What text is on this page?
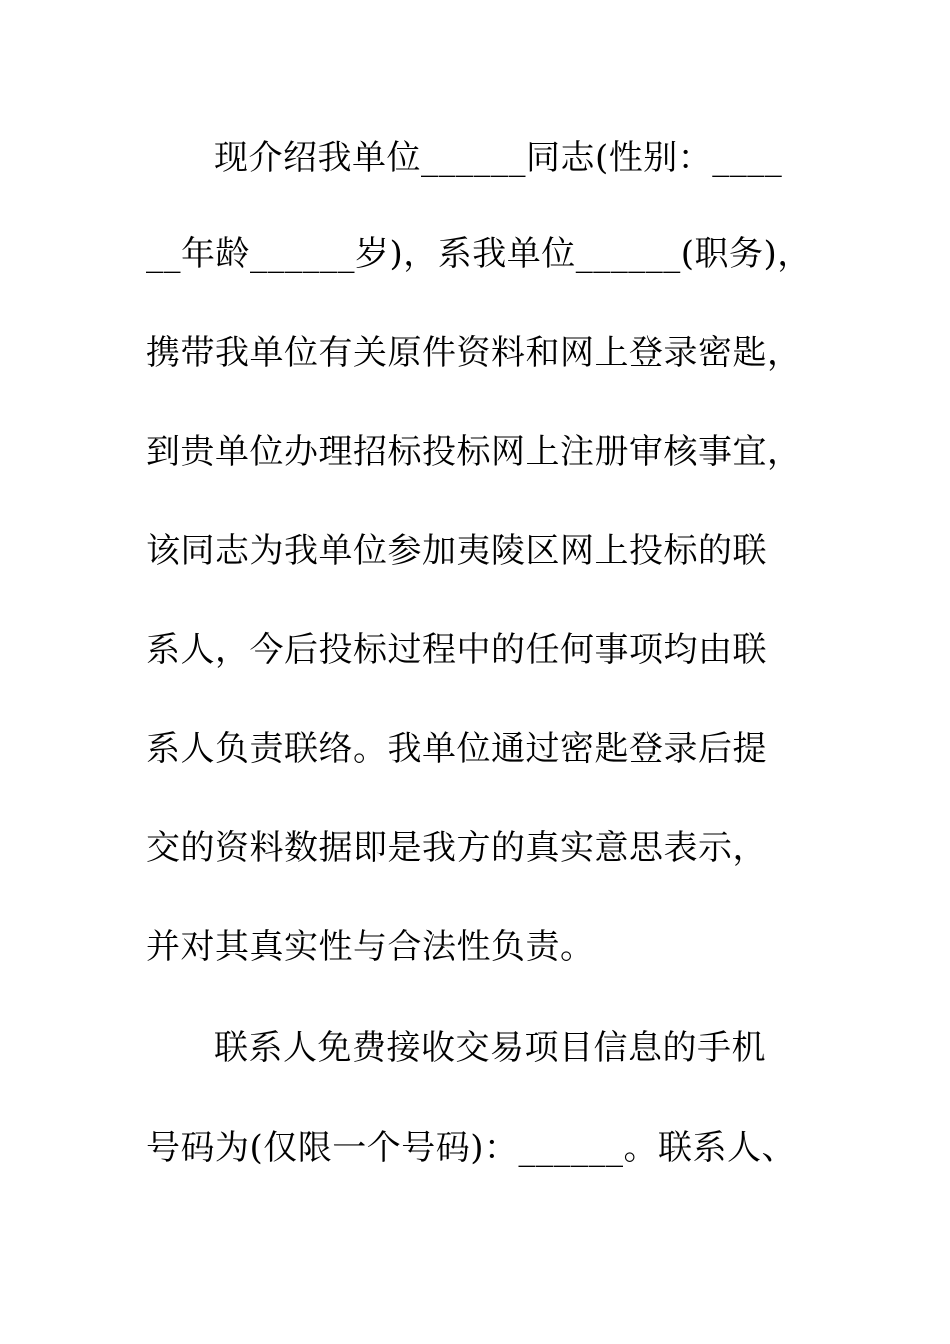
现介绍我单位______同志(性别：____
__年龄______岁)，系我单位______(职务)，
携带我单位有关原件资料和网上登录密匙，
到贵单位办理招标投标网上注册审核事宜，
该同志为我单位参加夷陵区网上投标的联
系人，今后投标过程中的任何事项均由联
系人负责联络。我单位通过密匙登录后提
交的资料数据即是我方的真实意思表示，
并对其真实性与合法性负责。
联系人免费接收交易项目信息的手机
号码为(仅限一个号码)：______。联系人、
